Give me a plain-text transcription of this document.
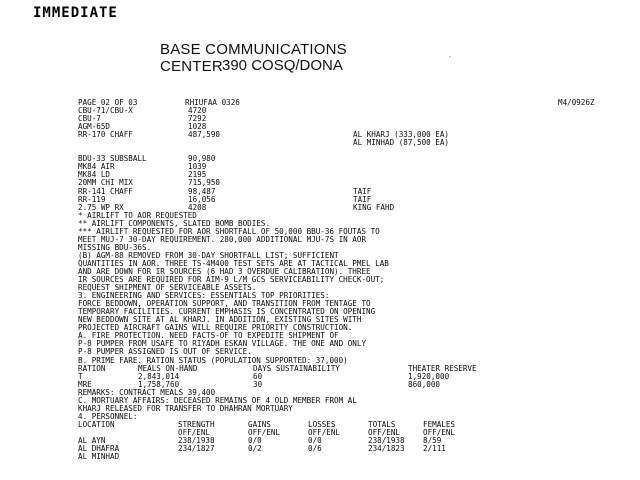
IMMEDIATE
BASE COMMUNICATIONS CENTER 390 COSQ/DONA
,
PAGE 02 OF 03	RHIUFAA 0326	M4/0926Z
CBU-71/CBU-X	4720
CBU-7	7292
AGM-65D	1028
RR-170 CHAFF	487,590	AL KHARJ (333,000 EA)
AL MINHAD (87,500 EA)
BDU-33 SUBSBALL	90,980
MK84 AIR	1039
MK84 LD	2195
20MM CHI MIX	715,950
RR-141 CHAFF	98,487	TAIF
RR-119	16,056	TAIF
2.75 WP RX	4208	KING FAHD
* AIRLIFT TO AOR REQUESTED
** AIRLIFT COMPONENTS, SLATED BOMB BODIES.
*** AIRLIFT REQUESTED FOR AOR SHORTFALL OF 50,000 BBU-36 FOUTAS TO
MEET MUJ-7 30-DAY REQUIREMENT. 280,000 ADDITIONAL MJU-7S IN AOR
MISSING BDU-36S.
(B) AGM-88 REMOVED FROM 30-DAY SHORTFALL LIST; SUFFICIENT
QUANTITIES IN AOR. THREE TS-4M400 TEST SETS ARE AT TACTICAL PMEL LAB
AND ARE DOWN FOR IR SOURCES (6 HAD 3 OVERDUE CALIBRATION). THREE
IR SOURCES ARE REQUIRED FOR AIM-9 L/M GCS SERVICEABILITY CHECK-OUT;
REQUEST SHIPMENT OF SERVICEABLE ASSETS.
3. ENGINEERING AND SERVICES: ESSENTIALS TOP PRIORITIES:
FORCE BEDDOWN, OPERATION SUPPORT, AND TRANSITION FROM TENTAGE TO
TEMPORARY FACILITIES. CURRENT EMPHASIS IS CONCENTRATED ON OPENING
NEW BEDDOWN SITE AT AL KHARJ. IN ADDITION, EXISTING SITES WITH
PROJECTED AIRCRAFT GAINS WILL REQUIRE PRIORITY CONSTRUCTION.
A. FIRE PROTECTION. NEED FACTS-OF TO EXPEDITE SHIPMENT OF
P-8 PUMPER FROM USAFE TO RIYADH ESKAN VILLAGE. THE ONE AND ONLY
P-8 PUMPER ASSIGNED IS OUT OF SERVICE.
B. PRIME FARE. RATION STATUS (POPULATION SUPPORTED: 37,000)
RATION	MEALS ON-HAND	DAYS SUSTAINABILITY	THEATER RESERVE
T	2,843,014	60	1,920,000
MRE	1,758,760	30	860,000
REMARKS: CONTRACT MEALS 39,400
C. MORTUARY AFFAIRS: DECEASED REMAINS OF 4 OLD MEMBER FROM AL
KHARJ RELEASED FOR TRANSFER TO DHAHRAN MORTUARY
4. PERSONNEL:
LOCATION	STRENGTH	GAINS	LOSSES	TOTALS	FEMALES
OFF/ENL	OFF/ENL	OFF/ENL	OFF/ENL	OFF/ENL
AL AYN	238/1938	0/0	0/0	238/1938 8/59
AL DHAFRA	234/1827	0/2	0/6	234/1823 2/111
AL MINHAD
